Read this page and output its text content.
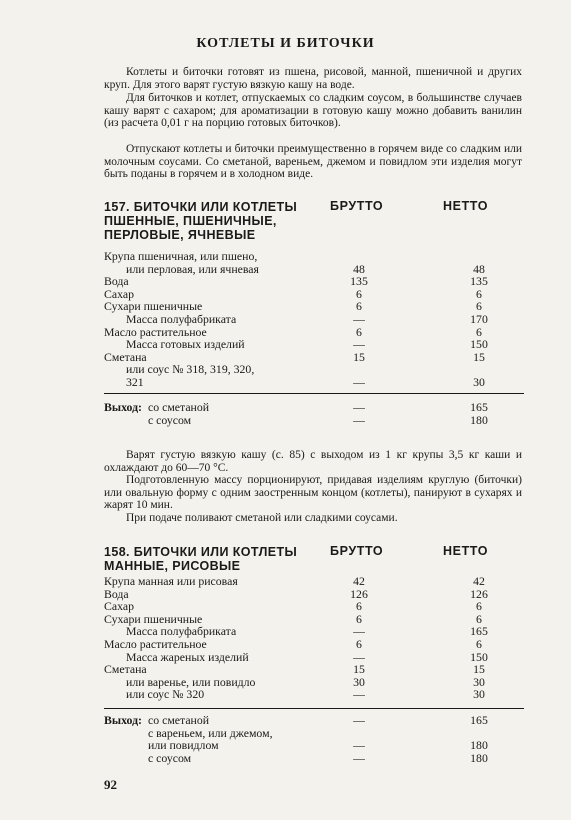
КОТЛЕТЫ И БИТОЧКИ
Котлеты и биточки готовят из пшена, рисовой, манной, пшеничной и других круп. Для этого варят густую вязкую кашу на воде.
Для биточков и котлет, отпускаемых со сладким соусом, в большинстве случаев кашу варят с сахаром; для ароматизации в готовую кашу можно добавить ванилин (из расчета 0,01 г на порцию готовых биточков).
Отпускают котлеты и биточки преимущественно в горячем виде со сладким или молочным соусами. Со сметаной, вареньем, джемом и повидлом эти изделия могут быть поданы в горячем и в холодном виде.
157. БИТОЧКИ ИЛИ КОТЛЕТЫ ПШЕННЫЕ, ПШЕНИЧНЫЕ, ПЕРЛОВЫЕ, ЯЧНЕВЫЕ
БРУТТО	НЕТТО
Крупа пшеничная, или пшено,
или перловая, или ячневая	48	48
Вода	135	135
Сахар	6	6
Сухари пшеничные	6	6
Масса полуфабриката	—	170
Масло растительное	6	6
Масса готовых изделий	—	150
Сметана	15	15
или соус № 318, 319, 320,
321	—	30
Выход: со сметаной	—	165
с соусом	—	180
Варят густую вязкую кашу (с. 85) с выходом из 1 кг крупы 3,5 кг каши и охлаждают до 60—70 °С.
Подготовленную массу порционируют, придавая изделиям круглую (биточки) или овальную форму с одним заостренным концом (котлеты), панируют в сухарях и жарят 10 мин.
При подаче поливают сметаной или сладкими соусами.
158. БИТОЧКИ ИЛИ КОТЛЕТЫ МАННЫЕ, РИСОВЫЕ
БРУТТО	НЕТТО
Крупа манная или рисовая	42	42
Вода	126	126
Сахар	6	6
Сухари пшеничные	6	6
Масса полуфабриката	—	165
Масло растительное	6	6
Масса жареных изделий	—	150
Сметана	15	15
или варенье, или повидло	30	30
или соус № 320	—	30
Выход: со сметаной	—	165
с вареньем, или джемом,
или повидлом	—	180
с соусом	—	180
92
